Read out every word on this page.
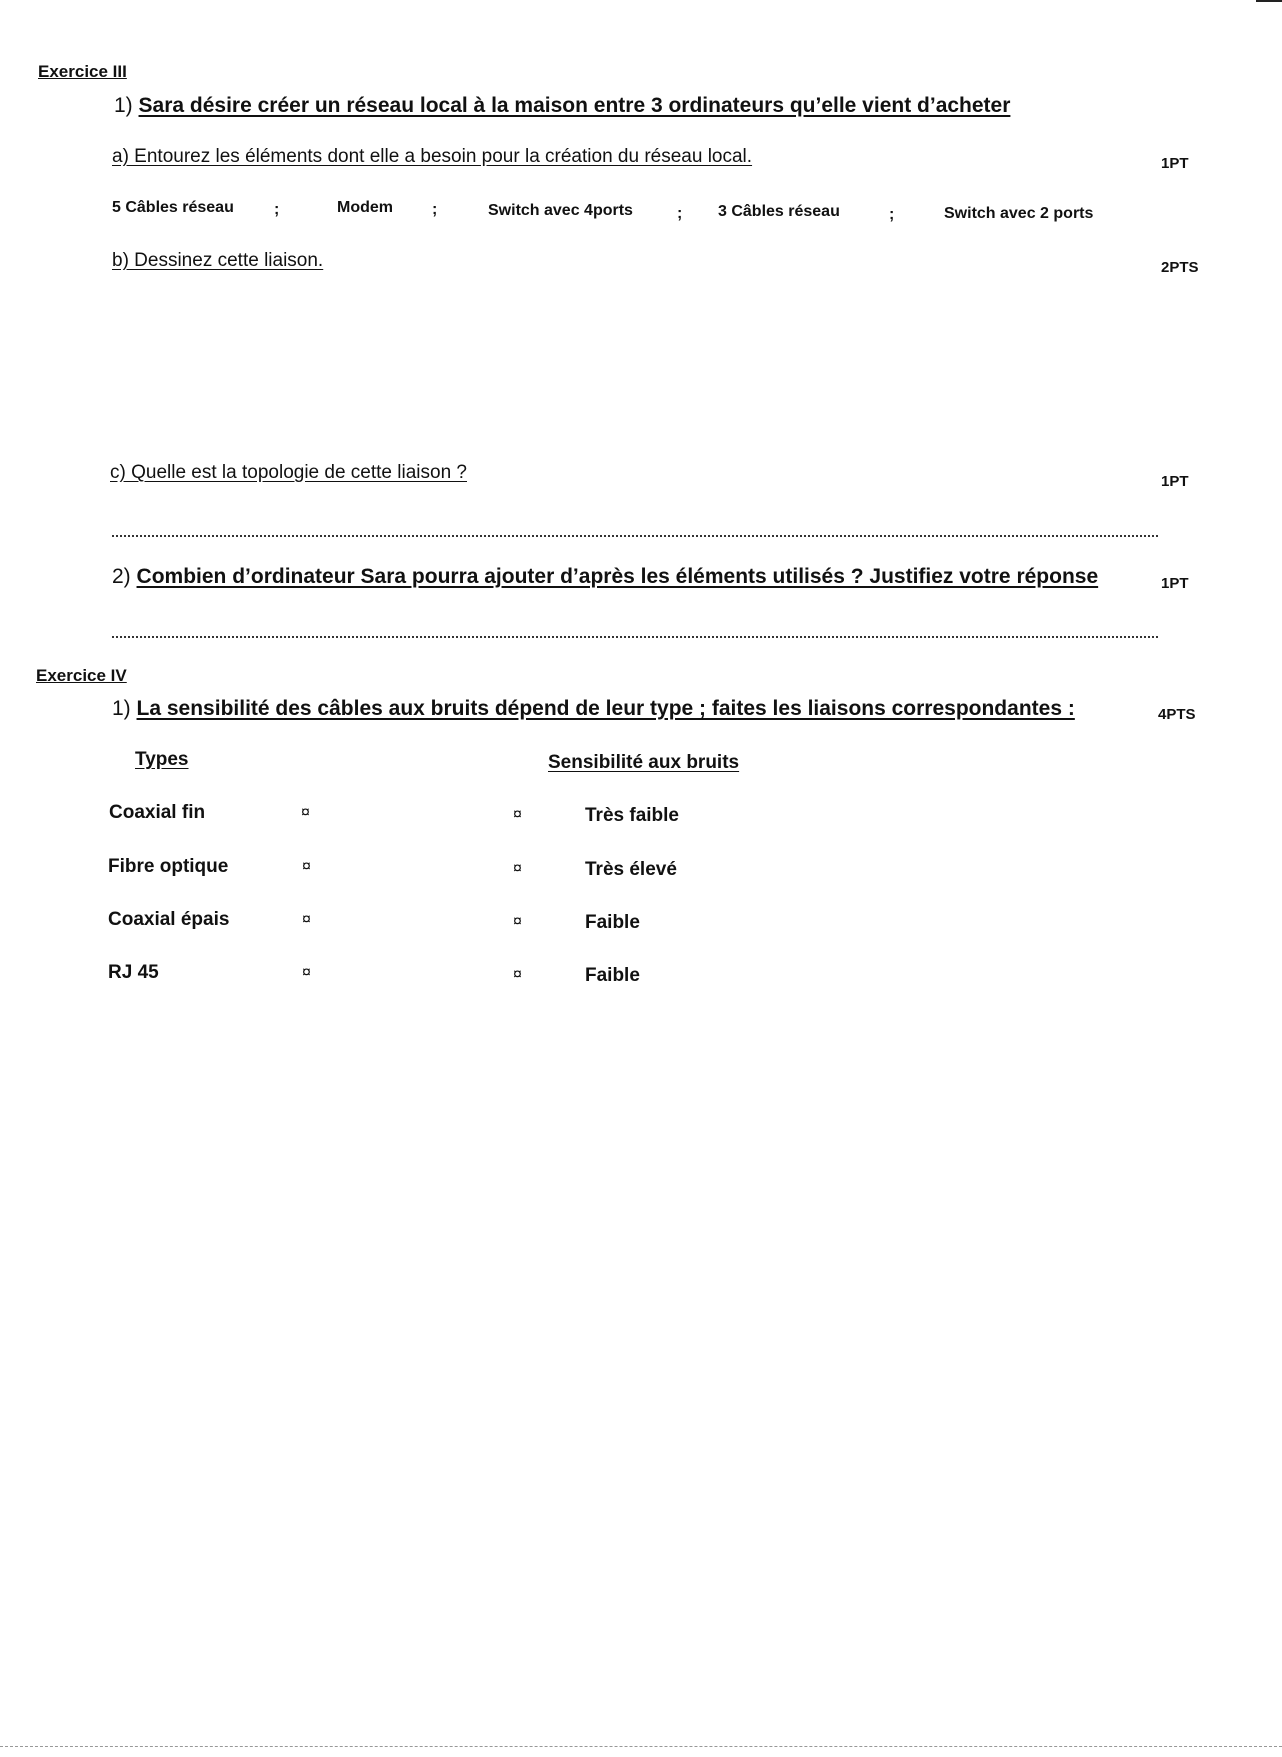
Exercice III
1) Sara désire créer un réseau local à la maison entre 3 ordinateurs qu’elle vient d’acheter
a) Entourez les éléments dont elle a besoin pour la création du réseau local.	1PT
5 Câbles réseau	;	Modem ;	Switch avec 4ports	; 3 Câbles réseau	;	Switch avec 2 ports
b) Dessinez cette liaison.	2PTS
c) Quelle est la topologie de cette liaison ?	1PT
2) Combien d’ordinateur Sara pourra ajouter d’après les éléments utilisés ? Justifiez votre réponse	1PT
Exercice IV
1) La sensibilité des câbles aux bruits dépend de leur type ; faites les liaisons correspondantes :	4PTS
Types	Sensibilité aux bruits
Coaxial fin	¤	¤	Très faible
Fibre optique	¤	¤	Très élevé
Coaxial épais	¤	¤	Faible
RJ 45	¤	¤	Faible
